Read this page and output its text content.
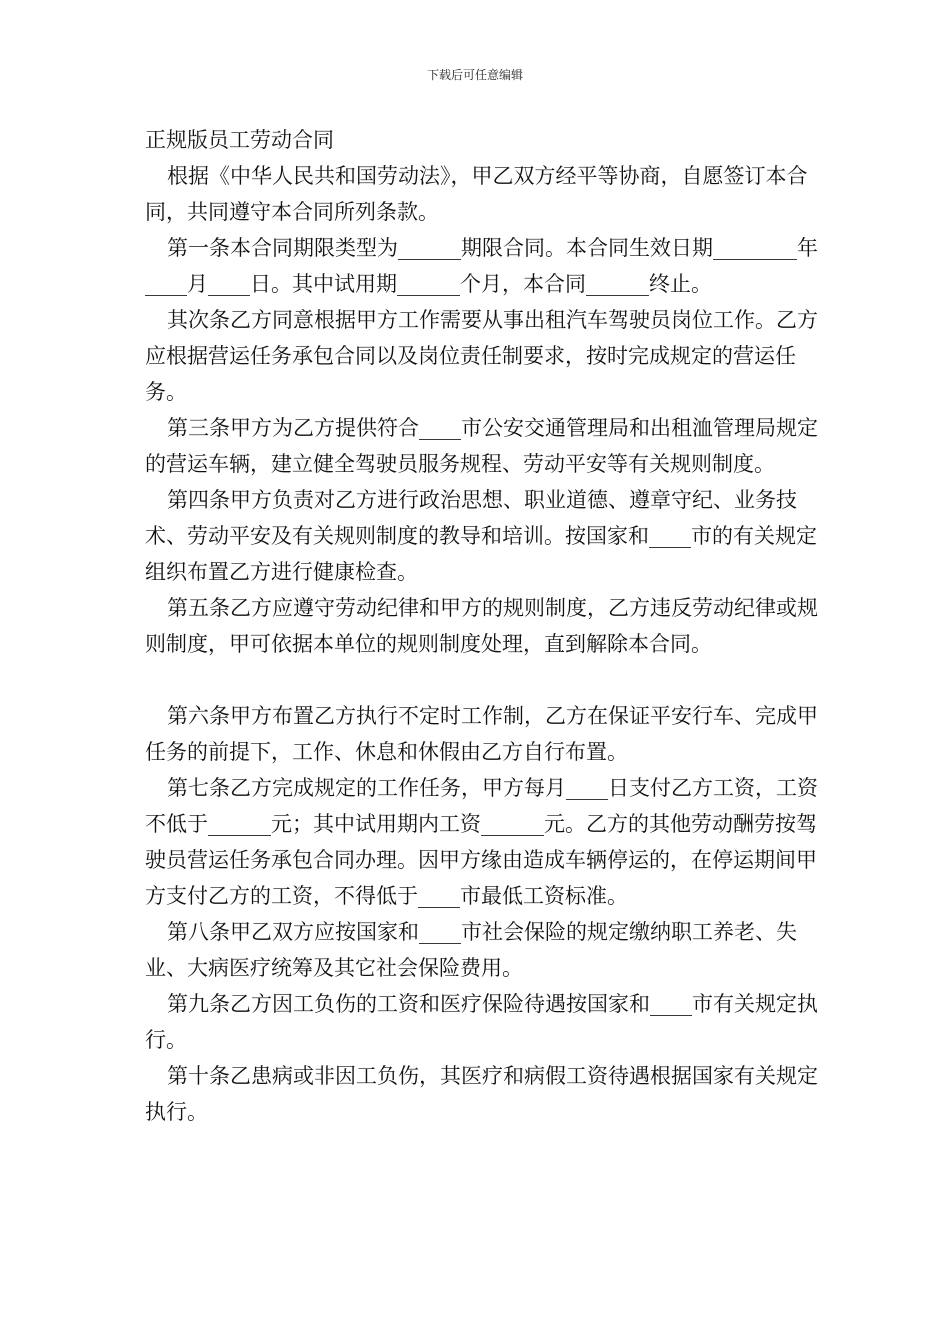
下载后可任意编辑

正规版员工劳动合同

根据《中华人民共和国劳动法》，甲乙双方经平等协商，自愿签订本合同，共同遵守本合同所列条款。

第一条本合同期限类型为______期限合同。本合同生效日期________年____月____日。其中试用期______个月，本合同______终止。

其次条乙方同意根据甲方工作需要从事出租汽车驾驶员岗位工作。乙方应根据营运任务承包合同以及岗位责任制要求，按时完成规定的营运任务。

第三条甲方为乙方提供符合____市公安交通管理局和出租洫管理局规定的营运车辆，建立健全驾驶员服务规程、劳动平安等有关规则制度。

第四条甲方负责对乙方进行政治思想、职业道德、遵章守纪、业务技术、劳动平安及有关规则制度的教导和培训。按国家和____市的有关规定组织布置乙方进行健康检查。

第五条乙方应遵守劳动纪律和甲方的规则制度，乙方违反劳动纪律或规则制度，甲可依据本单位的规则制度处理，直到解除本合同。

第六条甲方布置乙方执行不定时工作制，乙方在保证平安行车、完成甲任务的前提下，工作、休息和休假由乙方自行布置。

第七条乙方完成规定的工作任务，甲方每月____日支付乙方工资，工资不低于______元；其中试用期内工资______元。乙方的其他劳动酬劳按驾驶员营运任务承包合同办理。因甲方缘由造成车辆停运的，在停运期间甲方支付乙方的工资，不得低于____市最低工资标准。

第八条甲乙双方应按国家和____市社会保险的规定缴纳职工养老、失业、大病医疗统筹及其它社会保险费用。

第九条乙方因工负伤的工资和医疗保险待遇按国家和____市有关规定执行。

第十条乙患病或非因工负伤，其医疗和病假工资待遇根据国家有关规定执行。
